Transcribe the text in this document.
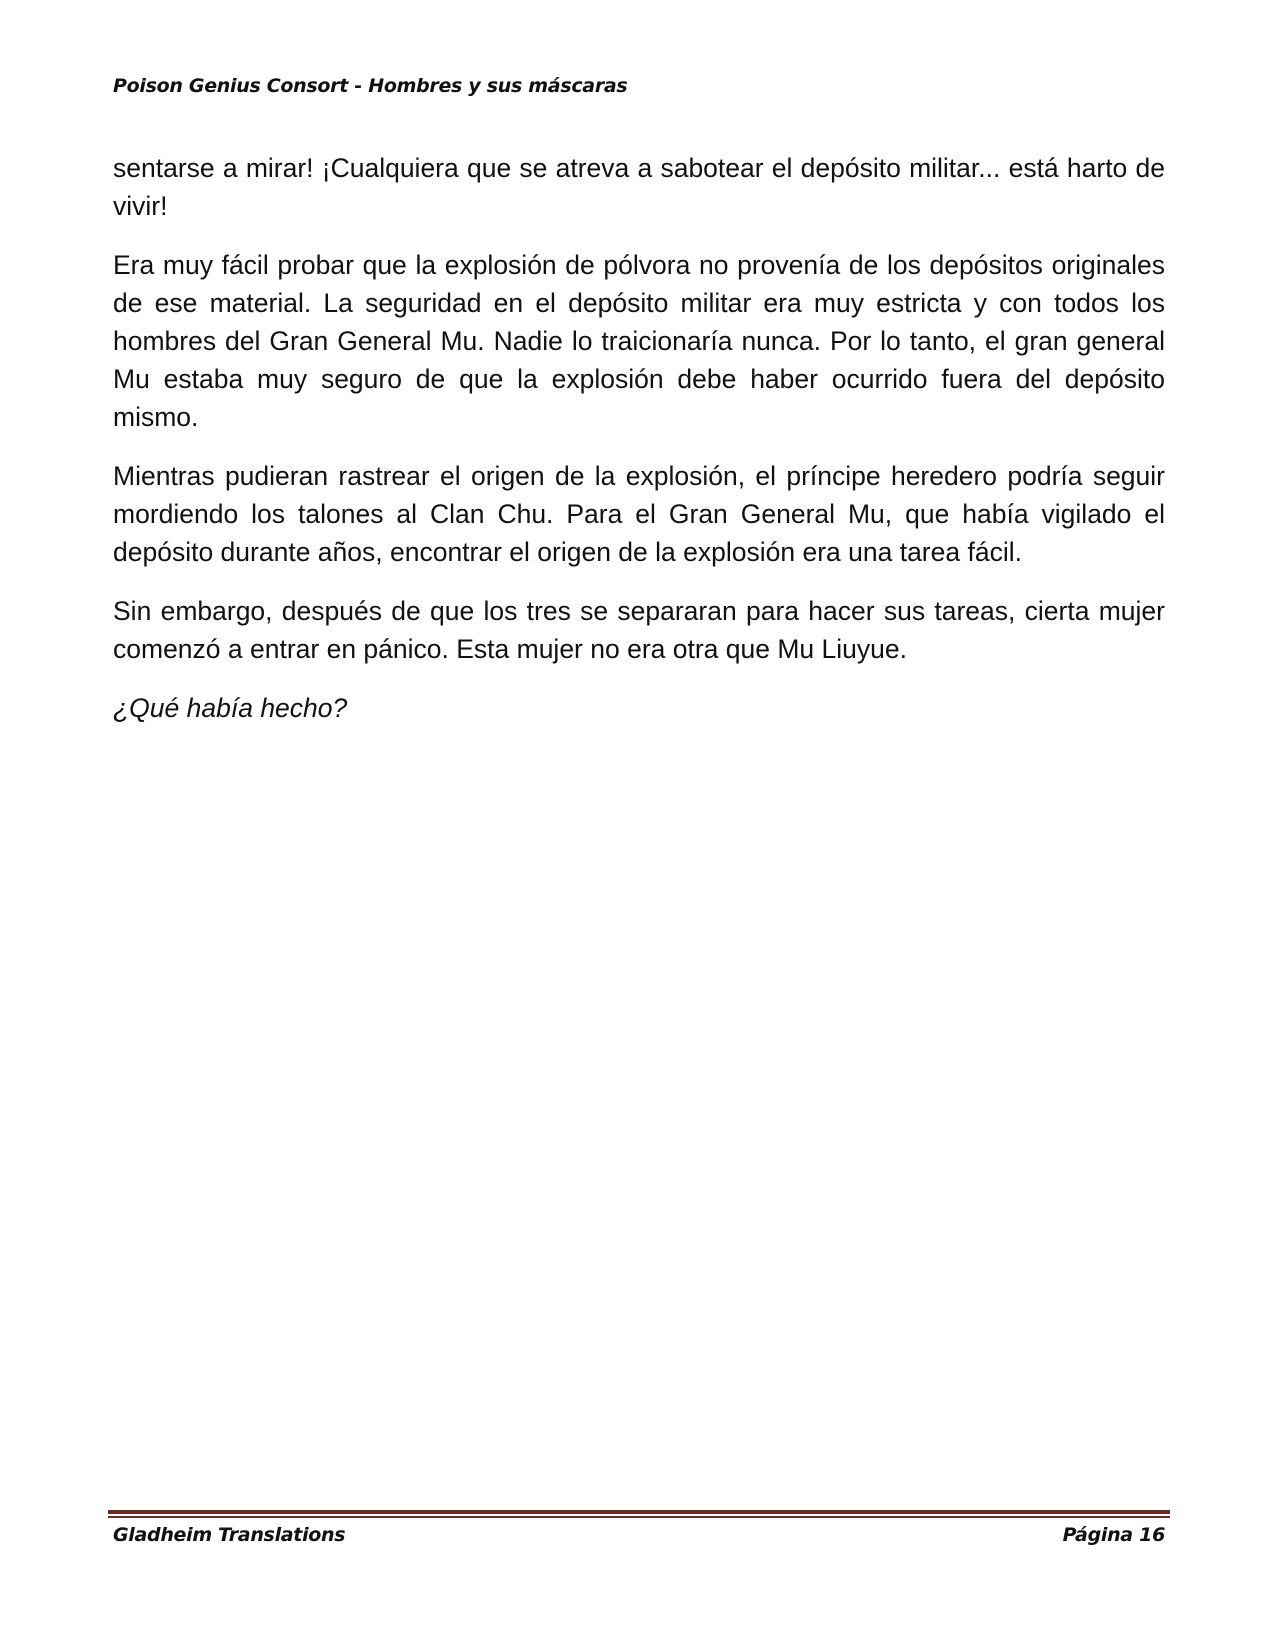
Poison Genius Consort - Hombres y sus máscaras

sentarse a mirar! ¡Cualquiera que se atreva a sabotear el depósito militar... está harto de vivir!

Era muy fácil probar que la explosión de pólvora no provenía de los depósitos originales de ese material. La seguridad en el depósito militar era muy estricta y con todos los hombres del Gran General Mu. Nadie lo traicionaría nunca. Por lo tanto, el gran general Mu estaba muy seguro de que la explosión debe haber ocurrido fuera del depósito mismo.

Mientras pudieran rastrear el origen de la explosión, el príncipe heredero podría seguir mordiendo los talones al Clan Chu. Para el Gran General Mu, que había vigilado el depósito durante años, encontrar el origen de la explosión era una tarea fácil.

Sin embargo, después de que los tres se separaran para hacer sus tareas, cierta mujer comenzó a entrar en pánico. Esta mujer no era otra que Mu Liuyue.

¿Qué había hecho?

Gladheim Translations	Página 16
